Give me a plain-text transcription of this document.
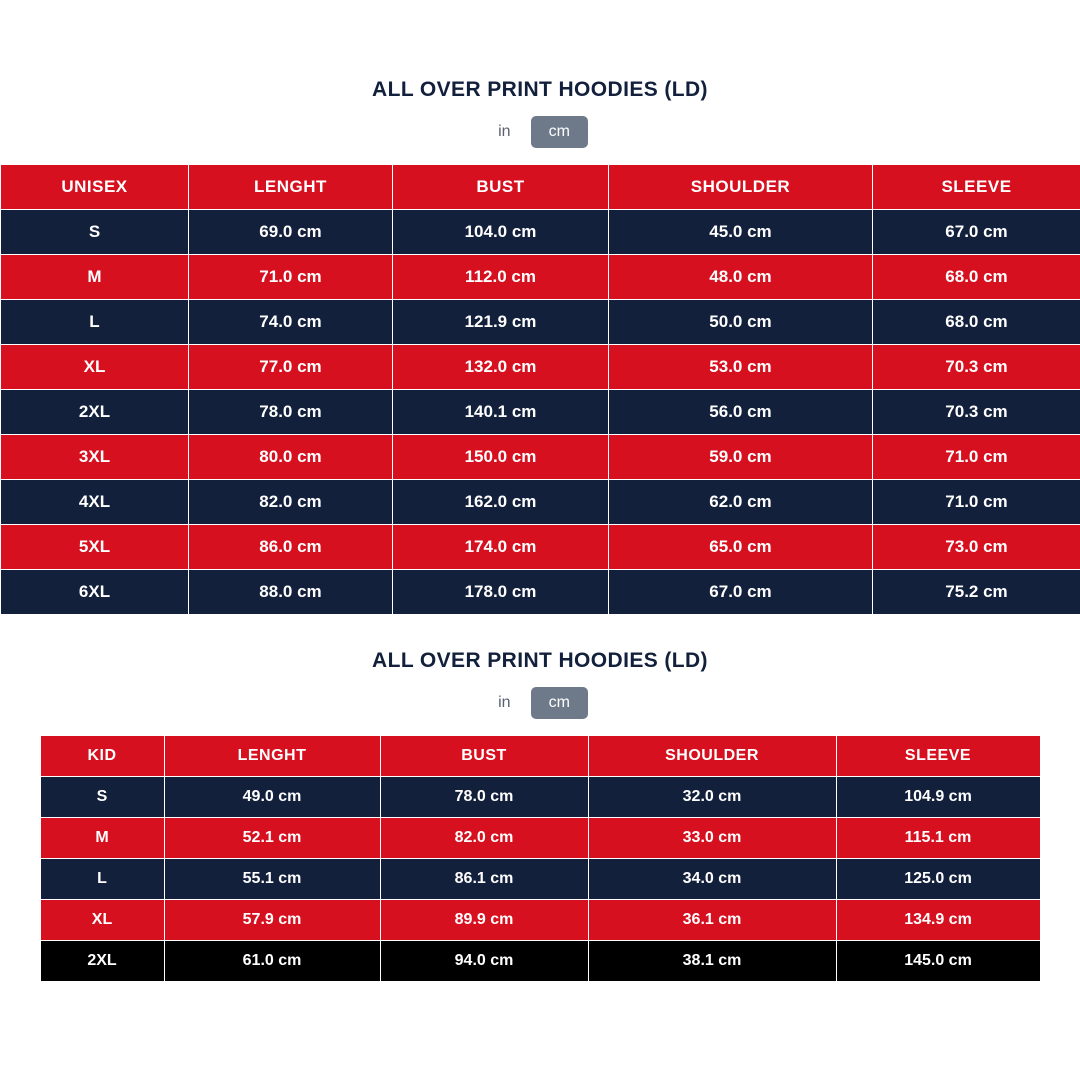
ALL OVER PRINT HOODIES (LD)
in	cm
UNISEX	LENGHT	BUST	SHOULDER	SLEEVE
S	69.0 cm	104.0 cm	45.0 cm	67.0 cm
M	71.0 cm	112.0 cm	48.0 cm	68.0 cm
L	74.0 cm	121.9 cm	50.0 cm	68.0 cm
XL	77.0 cm	132.0 cm	53.0 cm	70.3 cm
2XL	78.0 cm	140.1 cm	56.0 cm	70.3 cm
3XL	80.0 cm	150.0 cm	59.0 cm	71.0 cm
4XL	82.0 cm	162.0 cm	62.0 cm	71.0 cm
5XL	86.0 cm	174.0 cm	65.0 cm	73.0 cm
6XL	88.0 cm	178.0 cm	67.0 cm	75.2 cm
ALL OVER PRINT HOODIES (LD)
in	cm
KID	LENGHT	BUST	SHOULDER	SLEEVE
S	49.0 cm	78.0 cm	32.0 cm	104.9 cm
M	52.1 cm	82.0 cm	33.0 cm	115.1 cm
L	55.1 cm	86.1 cm	34.0 cm	125.0 cm
XL	57.9 cm	89.9 cm	36.1 cm	134.9 cm
2XL	61.0 cm	94.0 cm	38.1 cm	145.0 cm
